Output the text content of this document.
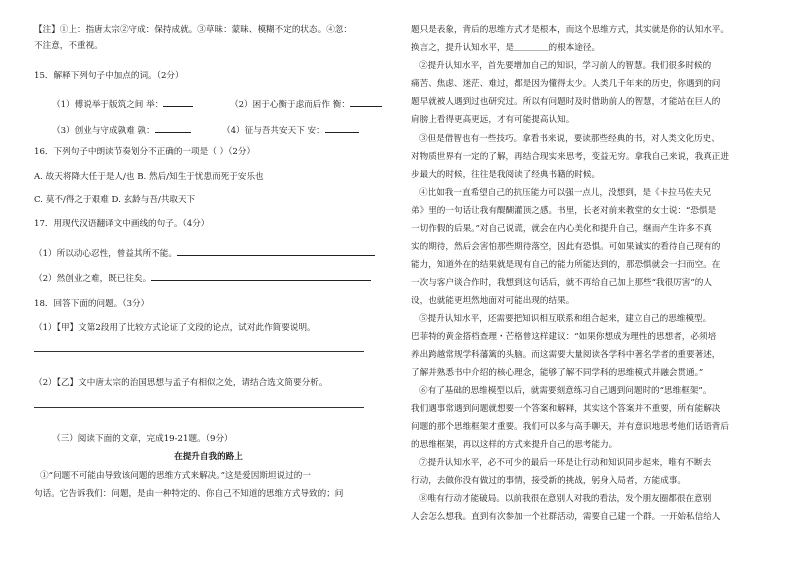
【注】①上：指唐太宗②守成：保持成就。③草昧：蒙昧、模糊不定的状态。④忽：
不注意，不重视。
15．解释下列句子中加点的词。（2分）
（1）傅说举于版筑之间 举：	（2）困于心衡于虑而后作 衡：
（3）创业与守成孰难 孰：	（4）征与吾共安天下 安：
16．下列句子中朗读节奏划分不正确的一项是（ ）（2分）
A. 故天将降大任于是人/也 B. 然后/知生于忧患而死于安乐也
C. 莫不/得之于艰难 D. 玄龄与吾/共取天下
17．用现代汉语翻译文中画线的句子。（4分）
（1）所以动心忍性，曾益其所不能。
（2）然创业之难，既已往矣。
18．回答下面的问题。（3分）
（1）【甲】文第2段用了比较方式论证了文段的论点，试对此作简要说明。
（2）【乙】文中唐太宗的治国思想与孟子有相似之处，请结合选文简要分析。
（三）阅读下面的文章，完成19-21题。（9分）
在提升自我的路上
①“问题不可能由导致该问题的思维方式来解决。”这是爱因斯坦说过的一
句话。它告诉我们：问题，是由一种特定的、你自己不知道的思维方式导致的；问
题只是表象，背后的思维方式才是根本，而这个思维方式，其实就是你的认知水平。
换言之，提升认知水平，是＿＿＿＿的根本途径。
②提升认知水平，首先要增加自己的知识，学习前人的智慧。我们很多时候的
痛苦、焦虑、迷茫、难过，都是因为懂得太少。人类几千年来的历史，你遇到的问
题早就被人遇到过也研究过。所以有问题时及时借助前人的智慧，才能站在巨人的
肩膀上看得更高更远，才有可能提高认知。
③但是借智也有一些技巧。拿看书来说，要读那些经典的书，对人类文化历史、
对物质世界有一定的了解，再结合现实来思考，变益无穷。拿我自己来说，我真正进
步最大的时候，往往是我阅读了经典书籍的时候。
④比如我一直希望自己的抗压能力可以强一点儿，没想到，是《卡拉马佐夫兄
弟》里的一句话让我有醍醐灌顶之感。书里，长老对前来教堂的女士说：“恐惧是
一切作假的后果。”对自己说谎，就会在内心美化和提升自己，继而产生许多不真
实的期待，然后会害怕那些期待落空，因此有恐惧。可如果诚实的看待自己现有的
能力，知道外在的结果就是现有自己的能力所能达到的，那恐惧就会一扫而空。在
一次与客户谈合作时，我想到这句话后，就不再给自己加上那些“我很厉害”的人
设，也就能更坦然地面对可能出现的结果。
⑤提升认知水平，还需要把知识相互联系和组合起来，建立自己的思维模型。
巴菲特的黄金搭档查理・芒格曾这样建议：“如果你想成为理性的思想者，必须培
养出跨越常规学科藩篱的头脑。而这需要大量阅读各学科中著名学者的重要著述，
了解并熟悉书中介绍的核心理念，能够了解不同学科的思维模式并融会贯通。”
⑥有了基础的思维模型以后，就需要刻意练习自己遇到问题时的“思维框架”。
我们遇事常遇到问题就想要一个答案和解释，其实这个答案并不重要，所有能解决
问题的那个思维框架才重要。我们可以多与高手聊天，并有意识地思考他们话语背后
的思维框架，再以这样的方式来提升自己的思考能力。
⑦提升认知水平，必不可少的最后一环是让行动和知识同步起来，唯有不断去
行动，去做你没有做过的事情，接受新的挑战，躬身入局者，方能成事。
⑧唯有行动才能破局。以前我很在意别人对我的看法，发个朋友圈都很在意别
人会怎么想我。直到有次参加一个社群活动，需要自己建一个群。一开始私信给人
